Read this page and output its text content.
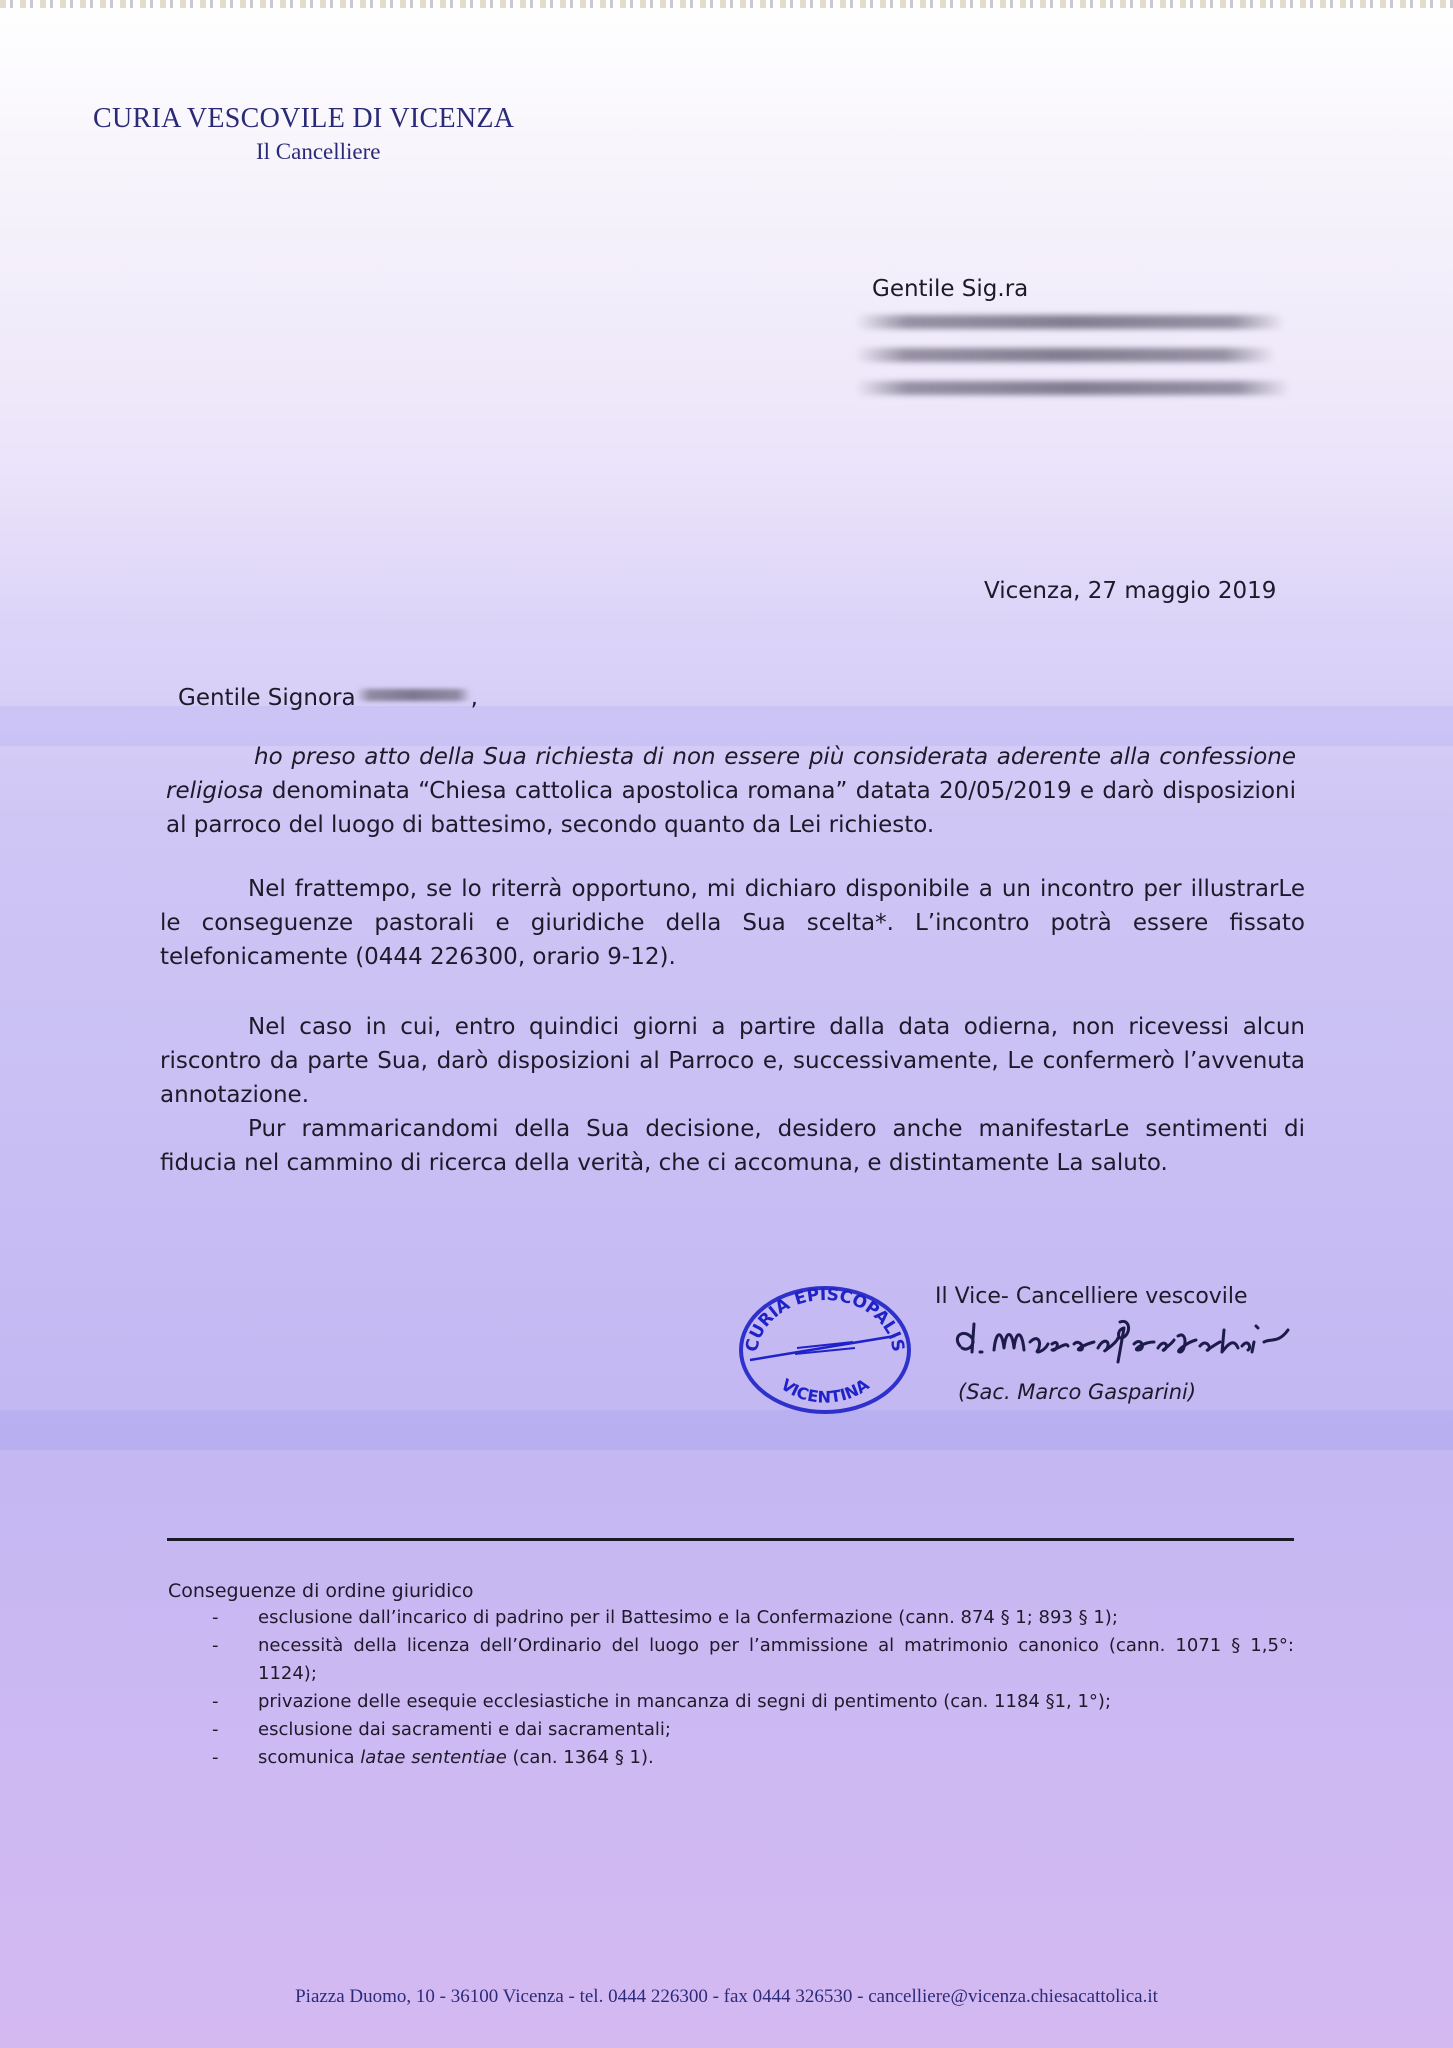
CURIA VESCOVILE DI VICENZA
Il Cancelliere
Gentile Sig.ra
Vicenza, 27 maggio 2019
Gentile Signora	,

ho preso atto della Sua richiesta di non essere più considerata aderente alla confessione religiosa denominata “Chiesa cattolica apostolica romana” datata 20/05/2019 e darò disposizioni al parroco del luogo di battesimo, secondo quanto da Lei richiesto.

Nel frattempo, se lo riterrà opportuno, mi dichiaro disponibile a un incontro per illustrarLe le conseguenze pastorali e giuridiche della Sua scelta*. L’incontro potrà essere fissato telefonicamente (0444 226300, orario 9-12).

Nel caso in cui, entro quindici giorni a partire dalla data odierna, non ricevessi alcun riscontro da parte Sua, darò disposizioni al Parroco e, successivamente, Le confermerò l’avvenuta annotazione.

Pur rammaricandomi della Sua decisione, desidero anche manifestarLe sentimenti di fiducia nel cammino di ricerca della verità, che ci accomuna, e distintamente La saluto.

CURIA EPISCOPALIS
VICENTINA
Il Vice- Cancelliere vescovile
(Sac. Marco Gasparini)
Conseguenze di ordine giuridico
- esclusione dall’incarico di padrino per il Battesimo e la Confermazione (cann. 874 § 1; 893 § 1);
- necessità della licenza dell’Ordinario del luogo per l’ammissione al matrimonio canonico (cann. 1071 § 1,5°: 1124);
- privazione delle esequie ecclesiastiche in mancanza di segni di pentimento (can. 1184 §1, 1°);
- esclusione dai sacramenti e dai sacramentali;
- scomunica latae sententiae (can. 1364 § 1).
Piazza Duomo, 10 - 36100 Vicenza - tel. 0444 226300 - fax 0444 326530 - cancelliere@vicenza.chiesacattolica.it
